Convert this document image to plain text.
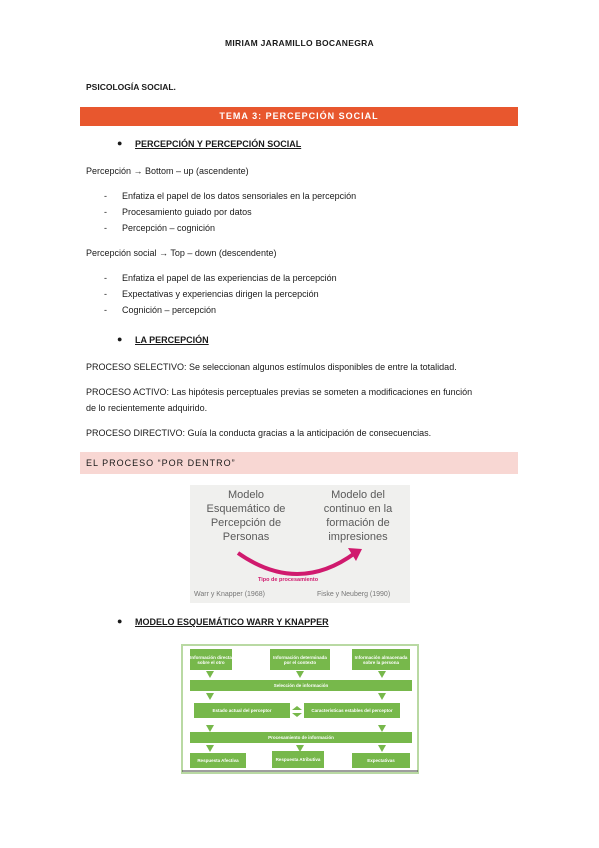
MIRIAM JARAMILLO BOCANEGRA
PSICOLOGÍA SOCIAL.
TEMA 3: PERCEPCIÓN SOCIAL
● PERCEPCIÓN Y PERCEPCIÓN SOCIAL
Percepción → Bottom – up (ascendente)
- Enfatiza el papel de los datos sensoriales en la percepción
- Procesamiento guiado por datos
- Percepción – cognición
Percepción social → Top – down (descendente)
- Enfatiza el papel de las experiencias de la percepción
- Expectativas y experiencias dirigen la percepción
- Cognición – percepción
● LA PERCEPCIÓN
PROCESO SELECTIVO: Se seleccionan algunos estímulos disponibles de entre la totalidad.
PROCESO ACTIVO: Las hipótesis perceptuales previas se someten a modificaciones en función
de lo recientemente adquirido.
PROCESO DIRECTIVO: Guía la conducta gracias a la anticipación de consecuencias.
EL PROCESO “POR DENTRO”
Modelo
Esquemático de
Percepción de
Personas
Modelo del
continuo en la
formación de
impresiones
Tipo de procesamiento
Warr y Knapper (1968)	Fiske y Neuberg (1990)
● MODELO ESQUEMÁTICO WARR Y KNAPPER
Información directa sobre el otro
Información determinada por el contexto
Información almacenada sobre la persona
Selección de información
Estado actual del perceptor	Características estables del perceptor
Procesamiento de información
Respuesta Afectiva	Respuesta Atributiva	Expectativas
